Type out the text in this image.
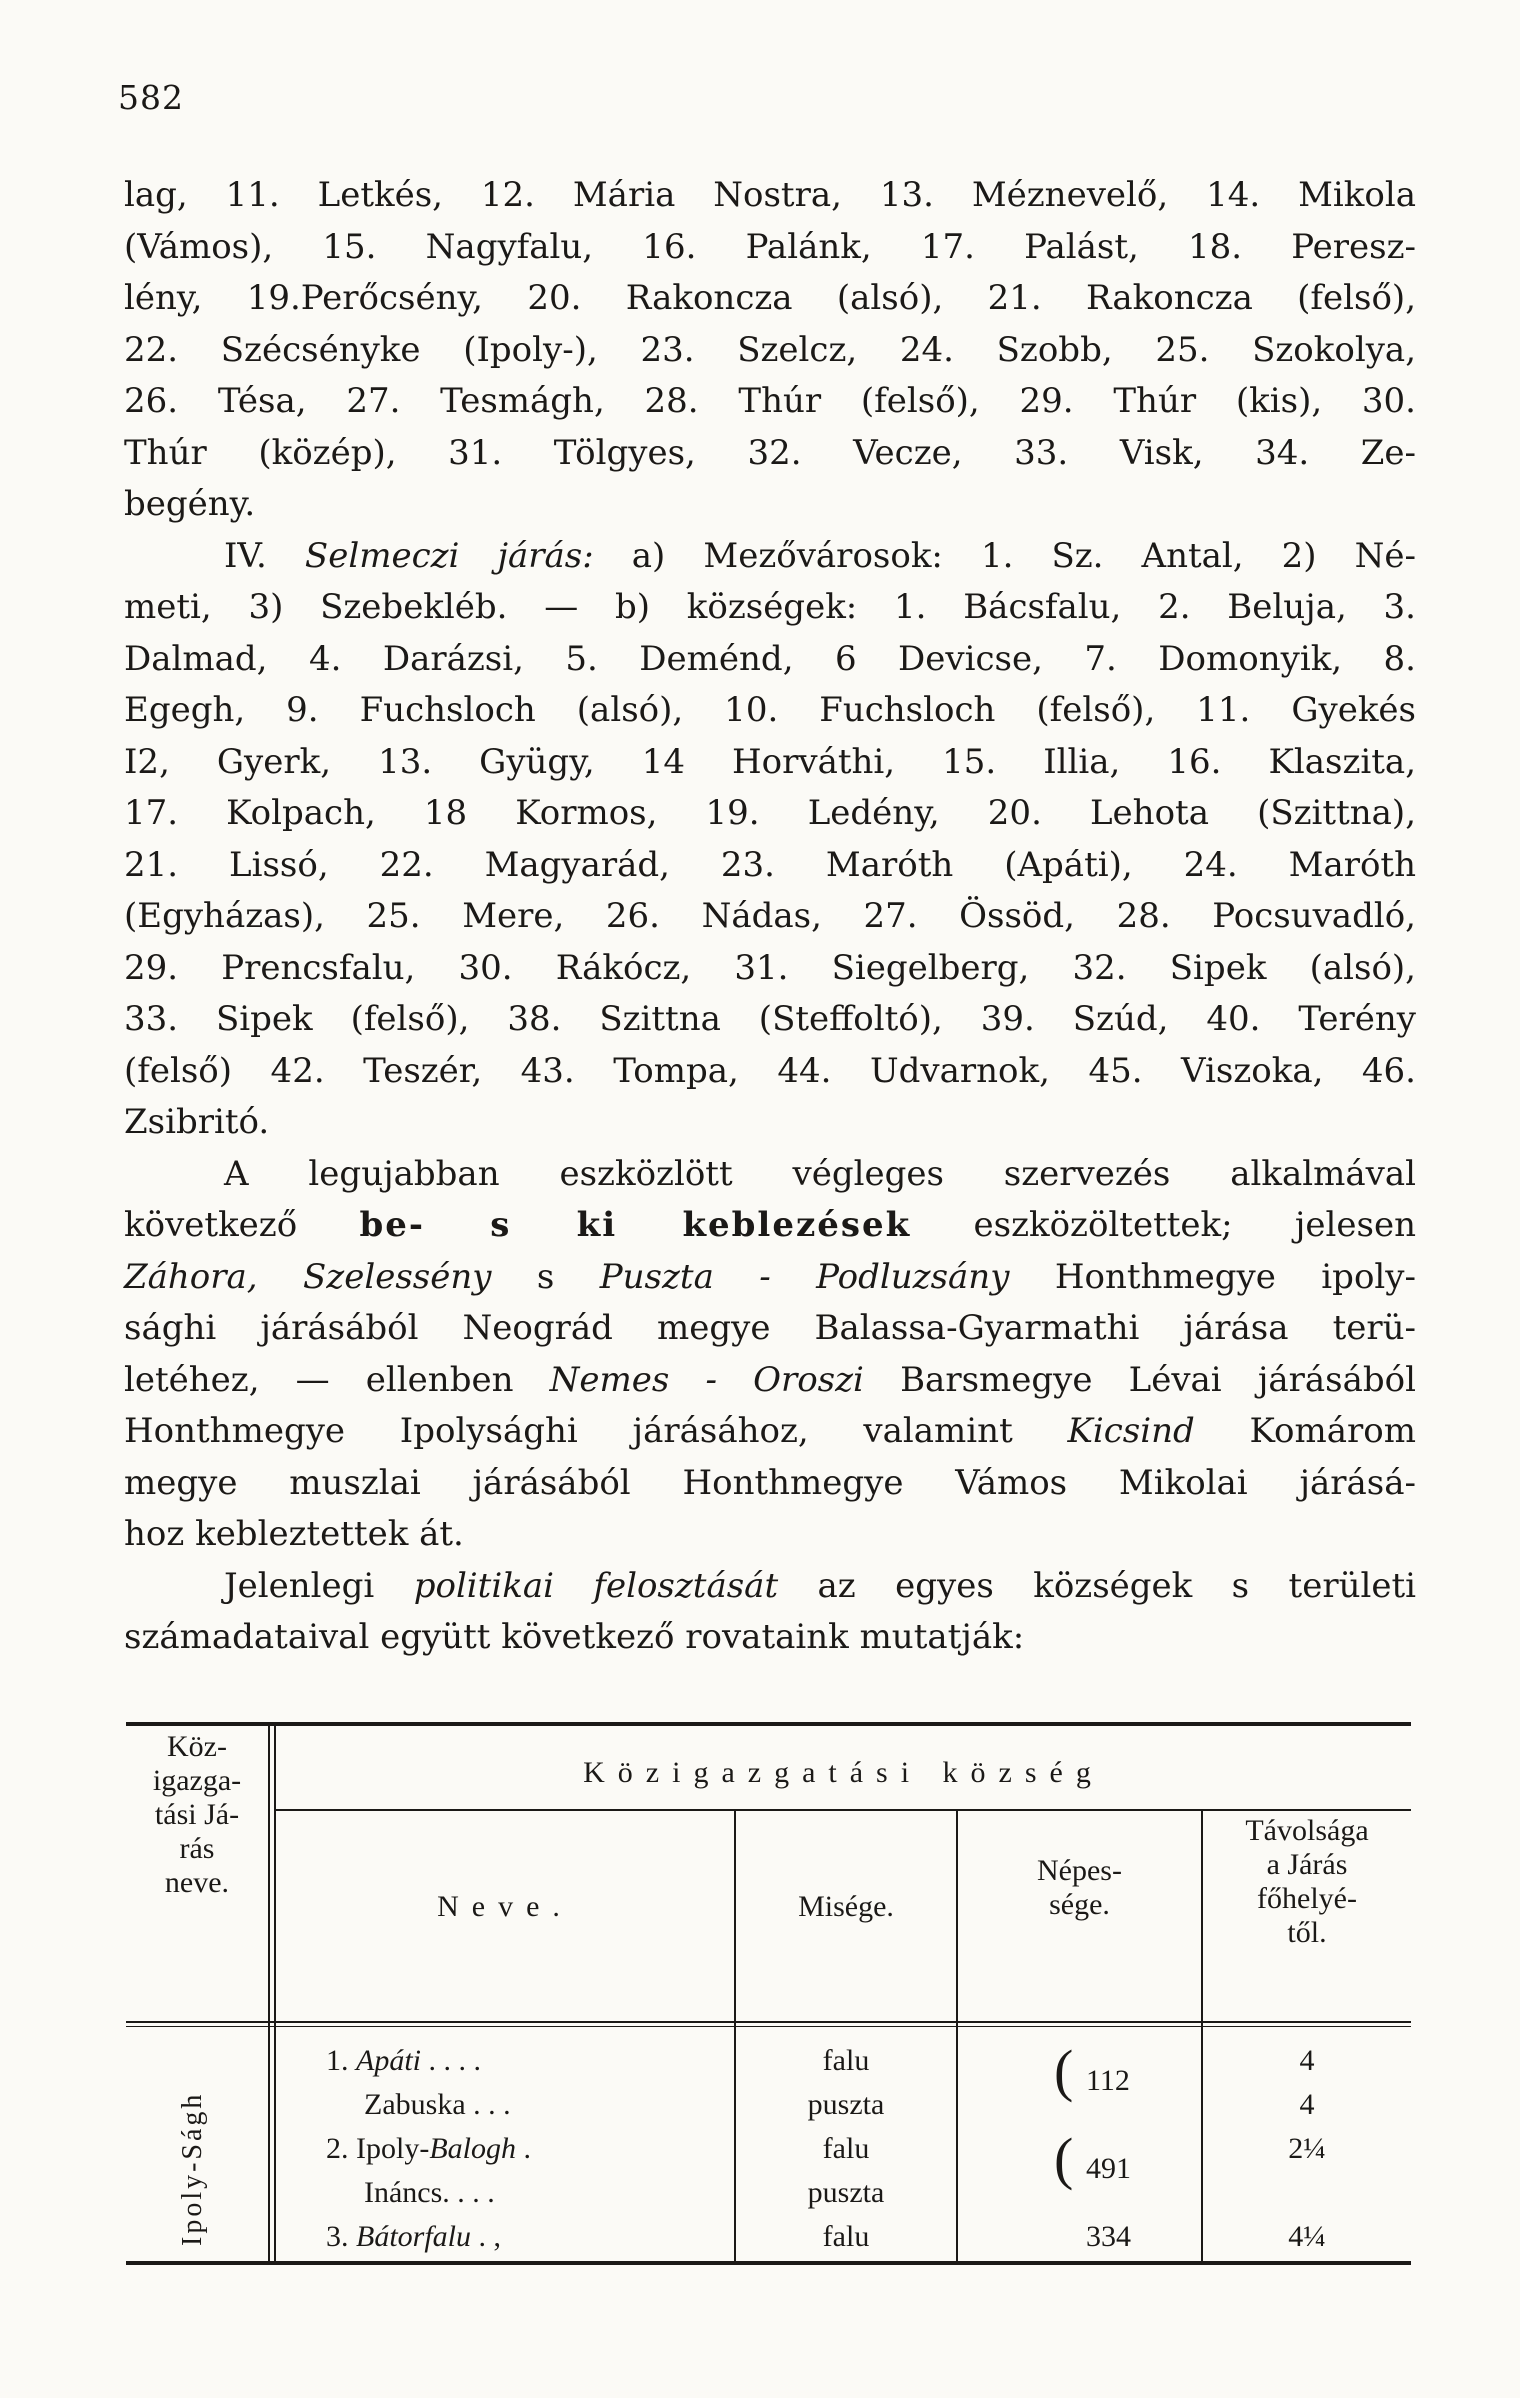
582
lag, 11. Letkés, 12. Mária Nostra, 13. Méznevelő, 14. Mikola
(Vámos), 15. Nagyfalu, 16. Palánk, 17. Palást, 18. Peresz-
lény, 19.Perőcsény, 20. Rakoncza (alsó), 21. Rakoncza (felső),
22. Szécsényke (Ipoly-), 23. Szelcz, 24. Szobb, 25. Szokolya,
26. Tésa, 27. Tesmágh, 28. Thúr (felső), 29. Thúr (kis), 30.
Thúr (közép), 31. Tölgyes, 32. Vecze, 33. Visk, 34. Ze-
begény.
IV. Selmeczi járás: a) Mezővárosok: 1. Sz. Antal, 2) Né-
meti, 3) Szebekléb. — b) községek: 1. Bácsfalu, 2. Beluja, 3.
Dalmad, 4. Darázsi, 5. Deménd, 6 Devicse, 7. Domonyik, 8.
Egegh, 9. Fuchsloch (alsó), 10. Fuchsloch (felső), 11. Gyekés
I2, Gyerk, 13. Gyügy, 14 Horváthi, 15. Illia, 16. Klaszita,
17. Kolpach, 18 Kormos, 19. Ledény, 20. Lehota (Szittna),
21. Lissó, 22. Magyarád, 23. Maróth (Apáti), 24. Maróth
(Egyházas), 25. Mere, 26. Nádas, 27. Össöd, 28. Pocsuvadló,
29. Prencsfalu, 30. Rákócz, 31. Siegelberg, 32. Sipek (alsó),
33. Sipek (felső), 38. Szittna (Steffoltó), 39. Szúd, 40. Terény
(felső) 42. Teszér, 43. Tompa, 44. Udvarnok, 45. Viszoka, 46.
Zsibritó.
A legujabban eszközlött végleges szervezés alkalmával
következő be- s ki keblezések eszközöltettek; jelesen
Záhora, Szelessény s Puszta - Podluzsány Honthmegye ipoly-
sághi járásából Neográd megye Balassa-Gyarmathi járása terü-
letéhez, — ellenben Nemes - Oroszi Barsmegye Lévai járásából
Honthmegye Ipolysághi járásához, valamint Kicsind Komárom
megye muszlai járásából Honthmegye Vámos Mikolai járásá-
hoz kebleztettek át.
Jelenlegi politikai felosztását az egyes községek s területi
számadataival együtt következő rovataink mutatják:
Köz-
igazga-
tási Já-
rás
neve.
Közigazgatási község
Neve.	Misége.
Népes-
sége.
Távolsága
a Járás
főhelyé-
től.
Ipoly-Ságh
1. Apáti . . . .
Zabuska . . .
2. Ipoly-Balogh .
Ináncs. . . .
3. Bátorfalu . ,
falu
puszta
falu
puszta
falu
( 112
( 491
334
4
4
2¼
4¼
